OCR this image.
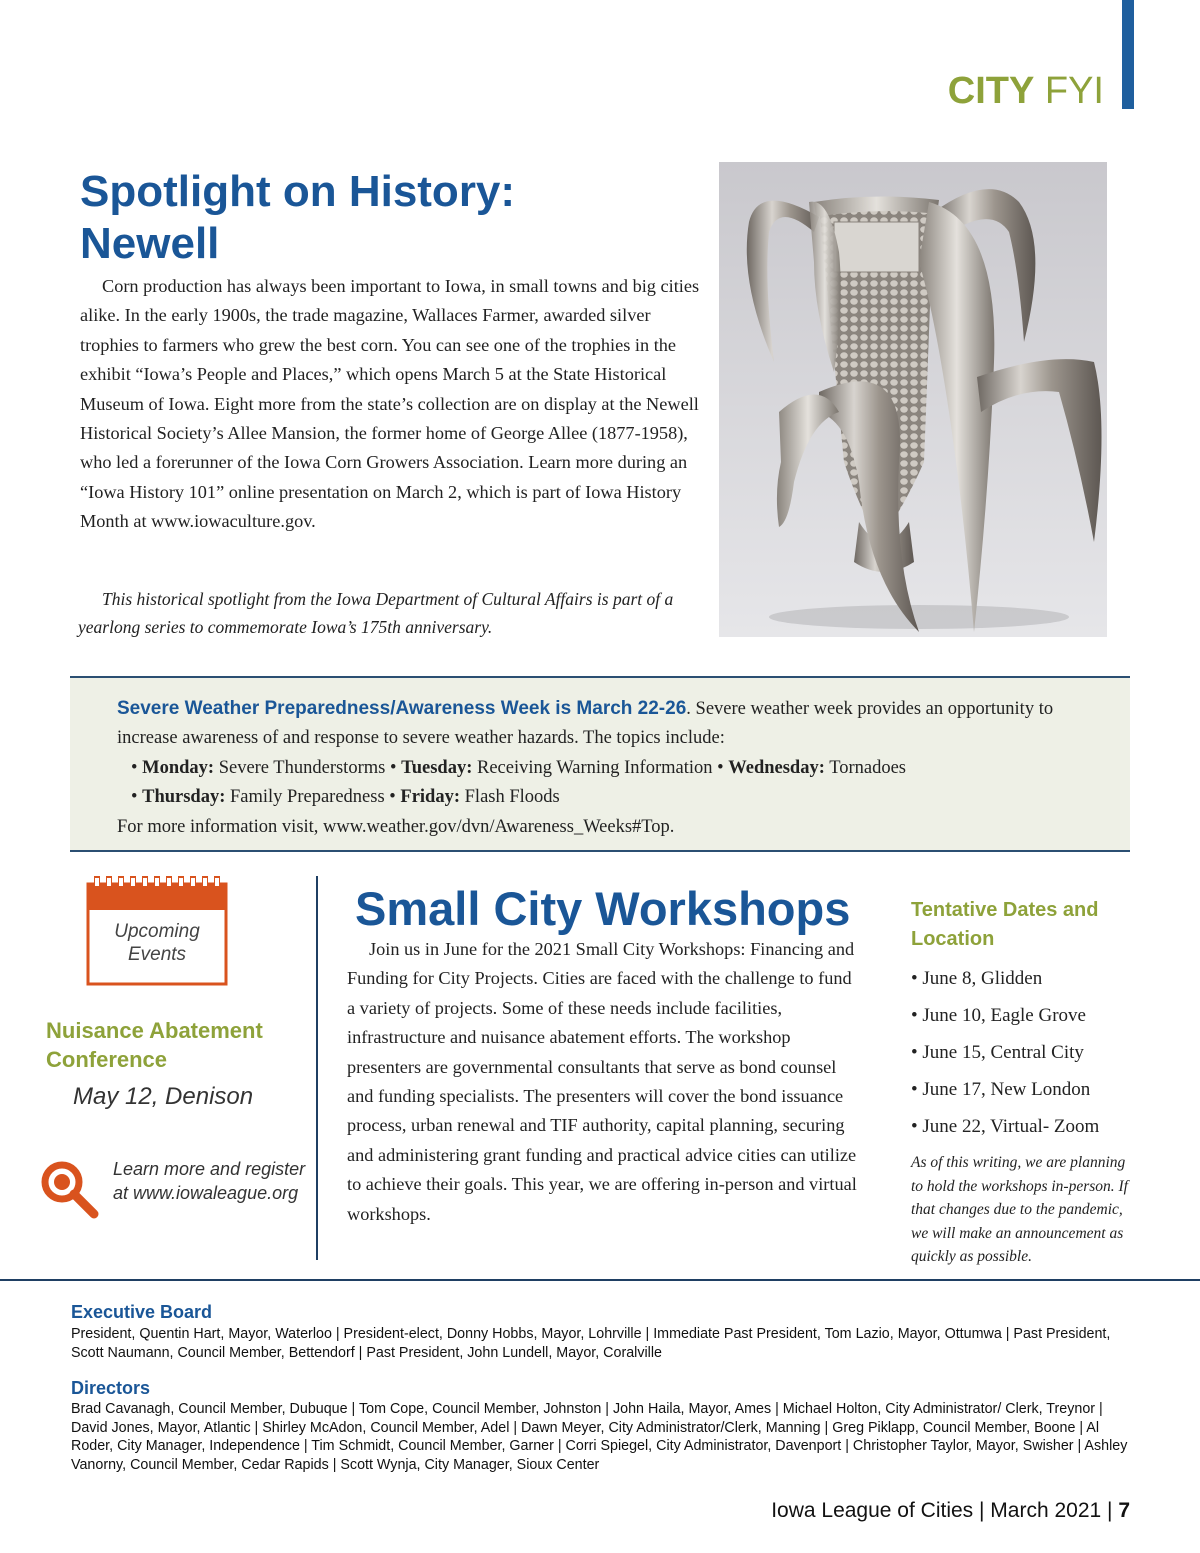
CITY FYI
Spotlight on History: Newell

Corn production has always been important to Iowa, in small towns and big cities alike. In the early 1900s, the trade magazine, Wallaces Farmer, awarded silver trophies to farmers who grew the best corn. You can see one of the trophies in the exhibit “Iowa’s People and Places,” which opens March 5 at the State Historical Museum of Iowa. Eight more from the state’s collection are on display at the Newell Historical Society’s Allee Mansion, the former home of George Allee (1877-1958), who led a forerunner of the Iowa Corn Growers Association. Learn more during an “Iowa History 101” online presentation on March 2, which is part of Iowa History Month at www.iowaculture.gov.

This historical spotlight from the Iowa Department of Cultural Affairs is part of a yearlong series to commemorate Iowa’s 175th anniversary.

Severe Weather Preparedness/Awareness Week is March 22-26. Severe weather week provides an opportunity to increase awareness of and response to severe weather hazards. The topics include:
• Monday: Severe Thunderstorms • Tuesday: Receiving Warning Information • Wednesday: Tornadoes
• Thursday: Family Preparedness • Friday: Flash Floods
For more information visit, www.weather.gov/dvn/Awareness_Weeks#Top.
Upcoming
Events
Nuisance Abatement Conference
May 12, Denison
Learn more and register at www.iowaleague.org
Small City Workshops

Join us in June for the 2021 Small City Workshops: Financing and Funding for City Projects. Cities are faced with the challenge to fund a variety of projects. Some of these needs include facilities, infrastructure and nuisance abatement efforts. The workshop presenters are governmental consultants that serve as bond counsel and funding specialists. The presenters will cover the bond issuance process, urban renewal and TIF authority, capital planning, securing and administering grant funding and practical advice cities can utilize to achieve their goals. This year, we are offering in-person and virtual workshops.

Tentative Dates and Location
• June 8, Glidden
• June 10, Eagle Grove
• June 15, Central City
• June 17, New London
• June 22, Virtual- Zoom
As of this writing, we are planning to hold the workshops in-person. If that changes due to the pandemic, we will make an announcement as quickly as possible.
Executive Board
President, Quentin Hart, Mayor, Waterloo | President-elect, Donny Hobbs, Mayor, Lohrville | Immediate Past President, Tom Lazio, Mayor, Ottumwa | Past President, Scott Naumann, Council Member, Bettendorf | Past President, John Lundell, Mayor, Coralville
Directors
Brad Cavanagh, Council Member, Dubuque | Tom Cope, Council Member, Johnston | John Haila, Mayor, Ames | Michael Holton, City Administrator/ Clerk, Treynor | David Jones, Mayor, Atlantic | Shirley McAdon, Council Member, Adel | Dawn Meyer, City Administrator/Clerk, Manning | Greg Piklapp, Council Member, Boone | Al Roder, City Manager, Independence | Tim Schmidt, Council Member, Garner | Corri Spiegel, City Administrator, Davenport | Christopher Taylor, Mayor, Swisher | Ashley Vanorny, Council Member, Cedar Rapids | Scott Wynja, City Manager, Sioux Center
Iowa League of Cities | March 2021 | 7
